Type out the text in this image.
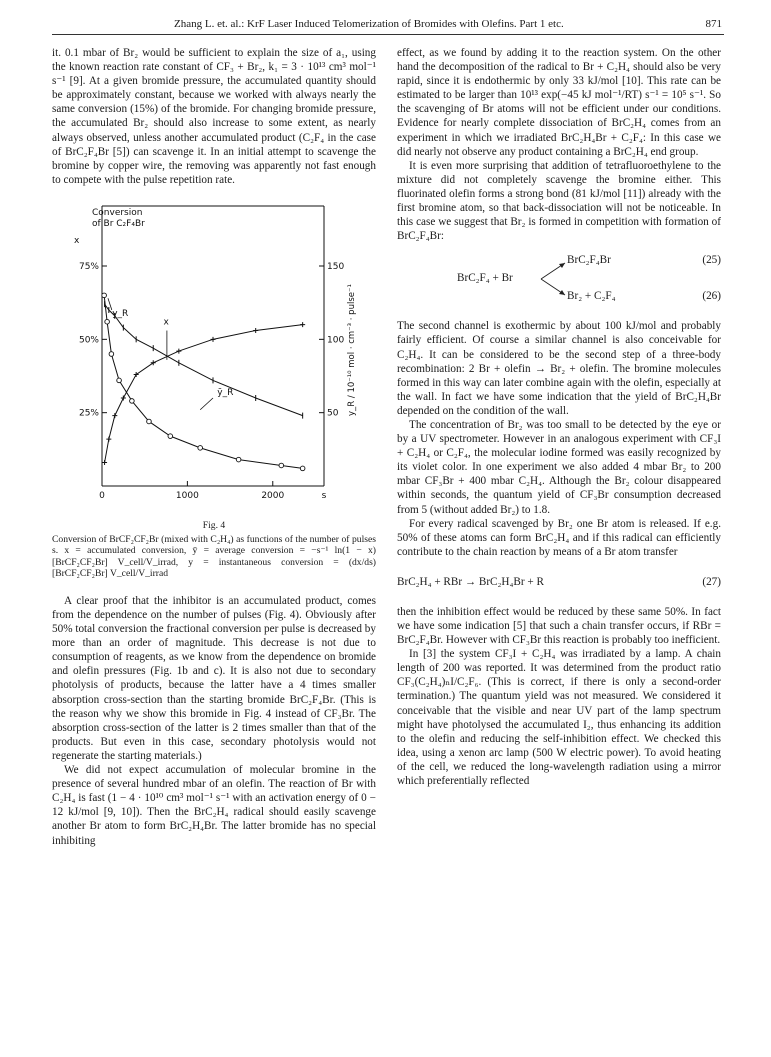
Zhang L. et. al.: KrF Laser Induced Telomerization of Bromides with Olefins. Part 1 etc.	871

it. 0.1 mbar of Br₂ would be sufficient to explain the size of a₁, using the known reaction rate constant of CF₃ + Br₂, k₁ = 3 · 10¹³ cm³ mol⁻¹ s⁻¹ [9]. At a given bromide pressure, the accumulated quantity should be approximately constant, because we worked with always nearly the same conversion (15%) of the bromide. For changing bromide pressure, the accumulated Br₂ should also increase to some extent, as nearly always observed, unless another accumulated product (C₂F₄ in the case of BrC₂F₄Br [5]) can scavenge it. In an initial attempt to scavenge the bromine by copper wire, the removing was apparently not fast enough to compete with the pulse repetition rate.

0	1000	2000	s
25%
50%
75%
50
100
150
x
y_R / 10⁻¹⁰ mol · cm⁻³ · pulse⁻¹
Conversion
of Br C₂F₄Br
x
y_R
ȳ_R
Fig. 4
Conversion of BrCF₂CF₂Br (mixed with C₂H₄) as functions of the number of pulses s. x = accumulated conversion, ȳ = average conversion = −s⁻¹ ln(1 − x) [BrCF₂CF₂Br] V_cell/V_irrad, y = instantaneous conversion = (dx/ds) [BrCF₂CF₂Br] V_cell/V_irrad

A clear proof that the inhibitor is an accumulated product, comes from the dependence on the number of pulses (Fig. 4). Obviously after 50% total conversion the fractional conversion per pulse is decreased by more than an order of magnitude. This decrease is not due to consumption of reagents, as we know from the dependence on bromide and olefin pressures (Fig. 1b and c). It is also not due to secondary photolysis of products, because the latter have a 4 times smaller absorption cross-section than the starting bromide BrC₂F₄Br. (This is the reason why we show this bromide in Fig. 4 instead of CF₃Br. The absorption cross-section of the latter is 2 times smaller than that of the products. But even in this case, secondary photolysis would not regenerate the starting materials.)

We did not expect accumulation of molecular bromine in the presence of several hundred mbar of an olefin. The reaction of Br with C₂H₄ is fast (1 − 4 · 10¹⁰ cm³ mol⁻¹ s⁻¹ with an activation energy of 0 − 12 kJ/mol [9, 10]). Then the BrC₂H₄ radical should easily scavenge another Br atom to form BrC₂H₄Br. The latter bromide has no special inhibiting

effect, as we found by adding it to the reaction system. On the other hand the decomposition of the radical to Br + C₂H₄ should also be very rapid, since it is endothermic by only 33 kJ/mol [10]. This rate can be estimated to be larger than 10¹³ exp(−45 kJ mol⁻¹/RT) s⁻¹ = 10⁵ s⁻¹. So the scavenging of Br atoms will not be efficient under our conditions. Evidence for nearly complete dissociation of BrC₂H₄ comes from an experiment in which we irradiated BrC₂H₄Br + C₂F₄: In this case we did nearly not observe any product containing a BrC₂H₄ end group.

It is even more surprising that addition of tetrafluoroethylene to the mixture did not completely scavenge the bromine either. This fluorinated olefin forms a strong bond (81 kJ/mol [11]) already with the first bromine atom, so that back-dissociation will not be noticeable. In this case we suggest that Br₂ is formed in competition with formation of BrC₂F₄Br:

BrC₂F₄ + Br
BrC₂F₄Br	(25)
Br₂ + C₂F₄	(26)

The second channel is exothermic by about 100 kJ/mol and probably fairly efficient. Of course a similar channel is also conceivable for C₂H₄. It can be considered to be the second step of a three-body recombination: 2 Br + olefin → Br₂ + olefin. The bromine molecules formed in this way can later combine again with the olefin, especially at the wall. In fact we have some indication that the yield of BrC₂H₄Br depended on the condition of the wall.

The concentration of Br₂ was too small to be detected by the eye or by a UV spectrometer. However in an analogous experiment with CF₃I + C₂H₄ or C₂F₄, the molecular iodine formed was easily recognized by its violet color. In one experiment we also added 4 mbar Br₂ to 200 mbar CF₃Br + 400 mbar C₂H₄. Although the Br₂ colour disappeared within seconds, the quantum yield of CF₃Br consumption decreased from 5 (without added Br₂) to 1.8.

For every radical scavenged by Br₂ one Br atom is released. If e.g. 50% of these atoms can form BrC₂H₄ and if this radical can efficiently contribute to the chain reaction by means of a Br atom transfer

BrC₂H₄ + RBr → BrC₂H₄Br + R	(27)

then the inhibition effect would be reduced by these same 50%. In fact we have some indication [5] that such a chain transfer occurs, if RBr = BrC₂F₄Br. However with CF₃Br this reaction is probably too inefficient.

In [3] the system CF₃I + C₂H₄ was irradiated by a lamp. A chain length of 200 was reported. It was determined from the product ratio CF₃(C₂H₄)ₙI/C₂F₆. (This is correct, if there is only a second-order termination.) The quantum yield was not measured. We considered it conceivable that the visible and near UV part of the lamp spectrum might have photolysed the accumulated I₂, thus enhancing its addition to the olefin and reducing the self-inhibition effect. We checked this idea, using a xenon arc lamp (500 W electric power). To avoid heating of the cell, we reduced the long-wavelength radiation using a mirror which preferentially reflected
